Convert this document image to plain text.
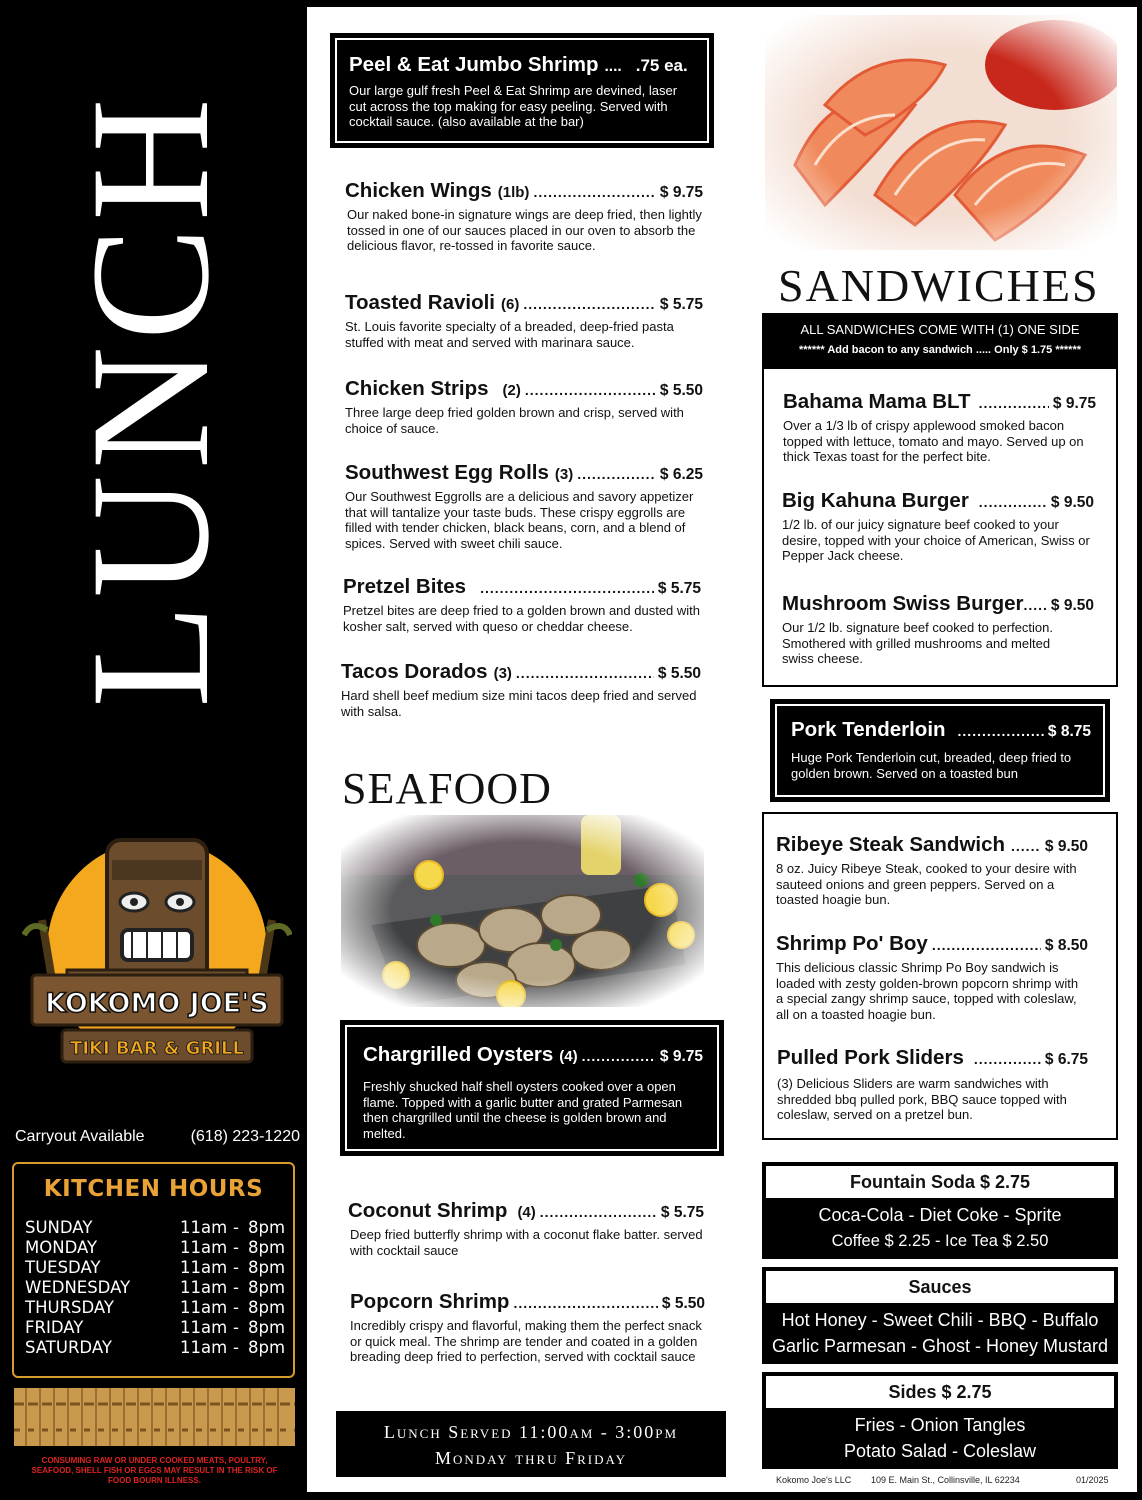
LUNCH
KOKOMO JOE'S
TIKI BAR & GRILL
Carryout Available	(618) 223-1220
KITCHEN HOURS
SUNDAY	11am - 8pm
MONDAY	11am - 8pm
TUESDAY	11am - 8pm
WEDNESDAY	11am - 8pm
THURSDAY	11am - 8pm
FRIDAY	11am - 8pm
SATURDAY	11am - 8pm
CONSUMING RAW OR UNDER COOKED MEATS, POULTRY, SEAFOOD, SHELL FISH OR EGGS MAY RESULT IN THE RISK OF FOOD BOURN ILLNESS.
Peel & Eat Jumbo Shrimp .... .75 ea.
Our large gulf fresh Peel & Eat Shrimp are devined, laser cut across the top making for easy peeling. Served with cocktail sauce. (also available at the bar)
Chicken Wings (1lb) .....	$ 9.75
Our naked bone-in signature wings are deep fried, then lightly tossed in one of our sauces placed in our oven to absorb the delicious flavor, re-tossed in favorite sauce.
Toasted Ravioli (6) .....	$ 5.75
St. Louis favorite specialty of a breaded, deep-fried pasta stuffed with meat and served with marinara sauce.
Chicken Strips (2) .....	$ 5.50
Three large deep fried golden brown and crisp, served with choice of sauce.
Southwest Egg Rolls (3) .....	$ 6.25
Our Southwest Eggrolls are a delicious and savory appetizer that will tantalize your taste buds. These crispy eggrolls are filled with tender chicken, black beans, corn, and a blend of spices. Served with sweet chili sauce.
Pretzel Bites .....	$ 5.75
Pretzel bites are deep fried to a golden brown and dusted with kosher salt, served with queso or cheddar cheese.
Tacos Dorados (3) .....	$ 5.50
Hard shell beef medium size mini tacos deep fried and served with salsa.
SEAFOOD
Chargrilled Oysters (4) .....	$ 9.75
Freshly shucked half shell oysters cooked over a open flame. Topped with a garlic butter and grated Parmesan then chargrilled until the cheese is golden brown and melted.
Coconut Shrimp (4) .....	$ 5.75
Deep fried butterfly shrimp with a coconut flake batter. served with cocktail sauce
Popcorn Shrimp .....	$ 5.50
Incredibly crispy and flavorful, making them the perfect snack or quick meal. The shrimp are tender and coated in a golden breading deep fried to perfection, served with cocktail sauce
Lunch Served 11:00am - 3:00pm
Monday thru Friday
SANDWICHES
ALL SANDWICHES COME WITH (1) ONE SIDE
****** Add bacon to any sandwich ..... Only $ 1.75 ******
Bahama Mama BLT .....	$ 9.75
Over a 1/3 lb of crispy applewood smoked bacon topped with lettuce, tomato and mayo. Served up on thick Texas toast for the perfect bite.
Big Kahuna Burger .....	$ 9.50
1/2 lb. of our juicy signature beef cooked to your desire, topped with your choice of American, Swiss or Pepper Jack cheese.
Mushroom Swiss Burger ..... $ 9.50
Our 1/2 lb. signature beef cooked to perfection. Smothered with grilled mushrooms and melted swiss cheese.
Pork Tenderloin .....	$ 8.75
Huge Pork Tenderloin cut, breaded, deep fried to golden brown. Served on a toasted bun
Ribeye Steak Sandwich .....	$ 9.50
8 oz. Juicy Ribeye Steak, cooked to your desire with sauteed onions and green peppers. Served on a toasted hoagie bun.
Shrimp Po' Boy .....	$ 8.50
This delicious classic Shrimp Po Boy sandwich is loaded with zesty golden-brown popcorn shrimp with a special zangy shrimp sauce, topped with coleslaw, all on a toasted hoagie bun.
Pulled Pork Sliders .....	$ 6.75
(3) Delicious Sliders are warm sandwiches with shredded bbq pulled pork, BBQ sauce topped with coleslaw, served on a pretzel bun.
Fountain Soda $ 2.75
Coca-Cola - Diet Coke - Sprite
Coffee $ 2.25 - Ice Tea $ 2.50
Sauces
Hot Honey - Sweet Chili - BBQ - Buffalo
Garlic Parmesan - Ghost - Honey Mustard
Sides $ 2.75
Fries - Onion Tangles
Potato Salad - Coleslaw
Kokomo Joe's LLC 109 E. Main St., Collinsville, IL 62234	01/2025
